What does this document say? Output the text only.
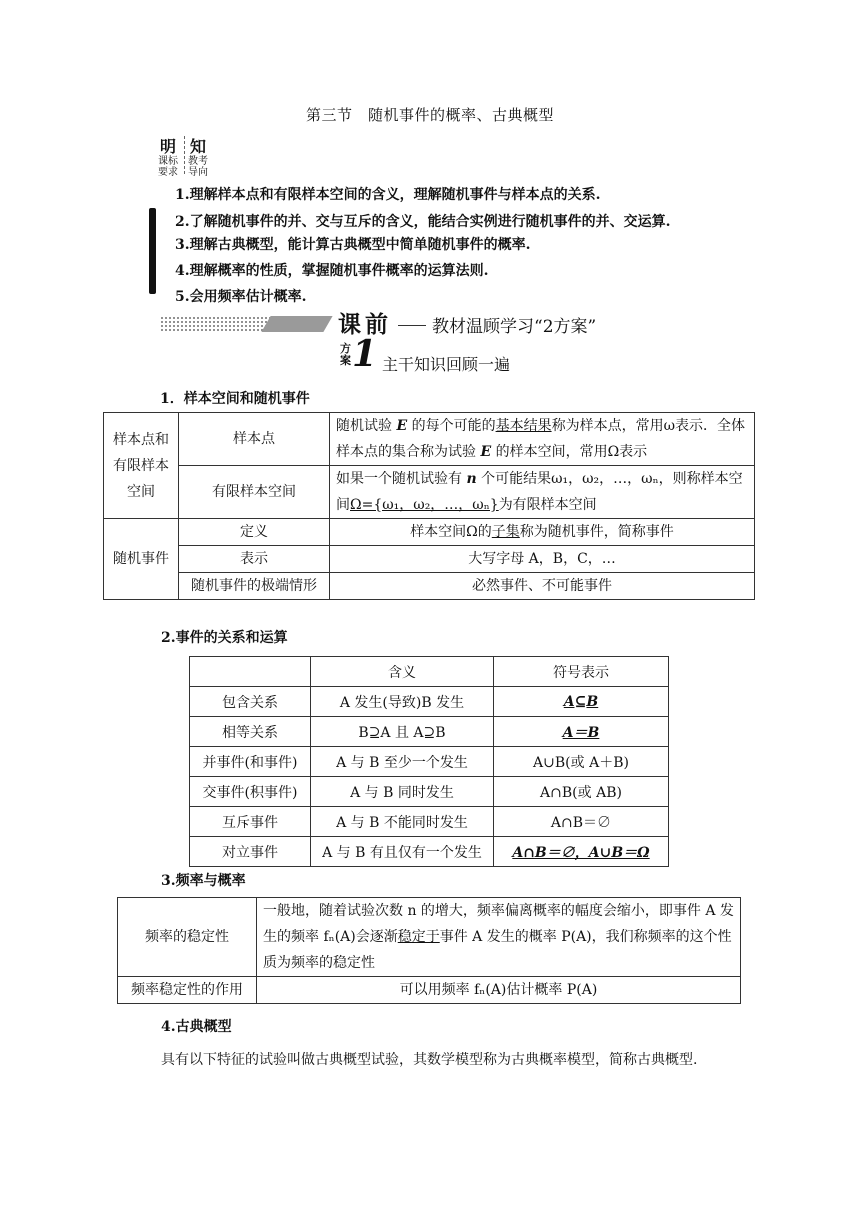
第三节　随机事件的概率、古典概型
明 知
课标
要求
教考
导向
1.理解样本点和有限样本空间的含义，理解随机事件与样本点的关系.
2.了解随机事件的并、交与互斥的含义，能结合实例进行随机事件的并、交运算.
3.理解古典概型，能计算古典概型中简单随机事件的概率.
4.理解概率的性质，掌握随机事件概率的运算法则.
5.会用频率估计概率.
课前 教材温顾学习“2方案”
方案 1 主干知识回顾一遍
1．样本空间和随机事件
样本点和有限样本空间	样本点	随机试验 E 的每个可能的基本结果称为样本点，常用ω表示．全体样本点的集合称为试验 E 的样本空间，常用Ω表示
	有限样本空间	如果一个随机试验有 n 个可能结果ω₁，ω₂，…，ωₙ，则称样本空间Ω={ω₁，ω₂，…，ωₙ}为有限样本空间
随机事件	定义	样本空间Ω的子集称为随机事件，简称事件
	表示	大写字母 A，B，C，…
	随机事件的极端情形	必然事件、不可能事件
2.事件的关系和运算
	含义	符号表示
包含关系	A 发生(导致)B 发生	A⊆B
相等关系	B⊇A 且 A⊇B	A＝B
并事件(和事件)	A 与 B 至少一个发生	A∪B(或 A＋B)
交事件(积事件)	A 与 B 同时发生	A∩B(或 AB)
互斥事件	A 与 B 不能同时发生	A∩B＝∅
对立事件	A 与 B 有且仅有一个发生	A∩B＝∅，A∪B＝Ω
3.频率与概率
频率的稳定性	一般地，随着试验次数 n 的增大，频率偏离概率的幅度会缩小，即事件 A 发生的频率 fₙ(A)会逐渐稳定于事件 A 发生的概率 P(A)，我们称频率的这个性质为频率的稳定性
频率稳定性的作用	可以用频率 fₙ(A)估计概率 P(A)
4.古典概型
具有以下特征的试验叫做古典概型试验，其数学模型称为古典概率模型，简称古典概型.
